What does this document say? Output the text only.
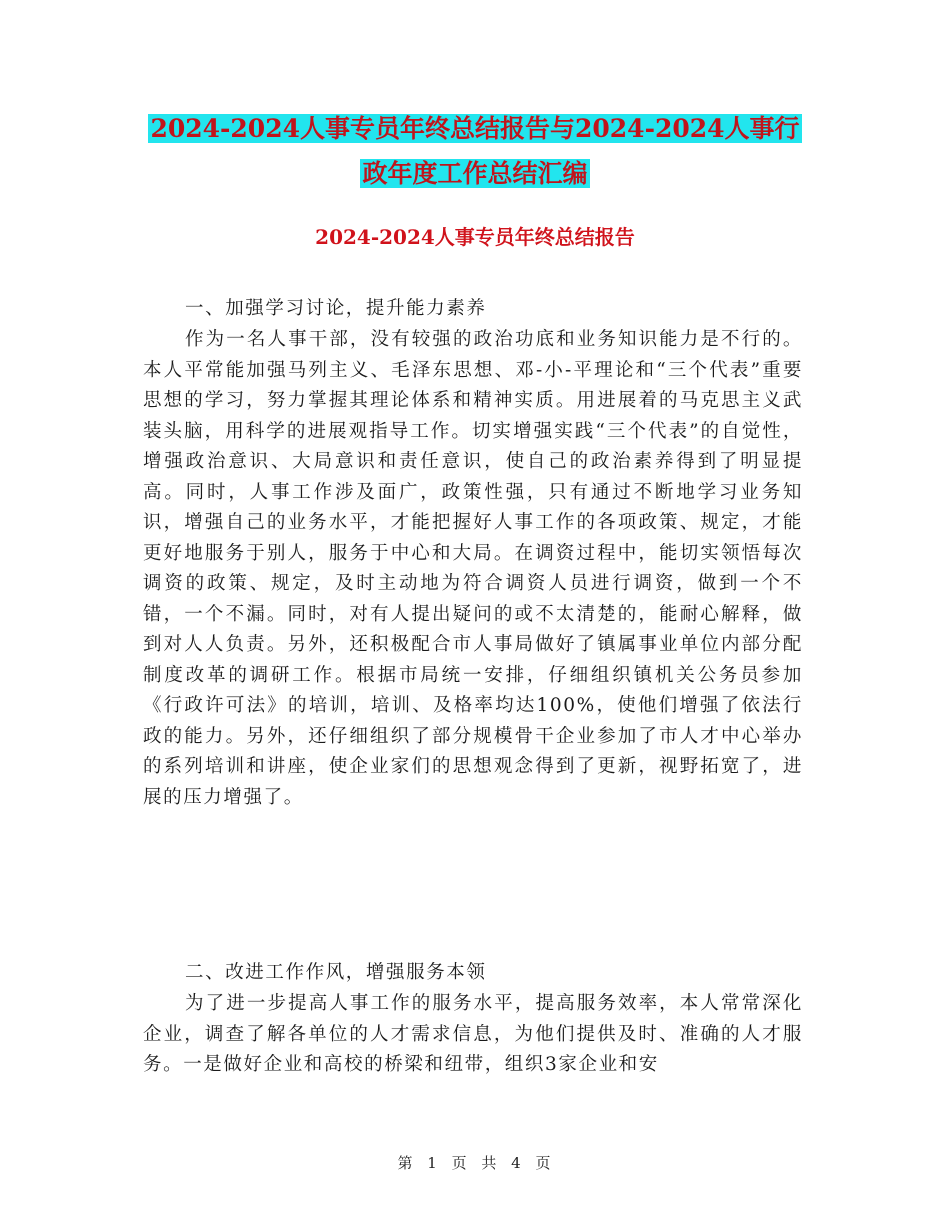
2024-2024人事专员年终总结报告与2024-2024人事行
政年度工作总结汇编
2024-2024人事专员年终总结报告
一、加强学习讨论，提升能力素养
作为一名人事干部，没有较强的政治功底和业务知识能力是不行的。本人平常能加强马列主义、毛泽东思想、邓-小-平理论和“三个代表”重要思想的学习，努力掌握其理论体系和精神实质。用进展着的马克思主义武装头脑，用科学的进展观指导工作。切实增强实践“三个代表”的自觉性，增强政治意识、大局意识和责任意识，使自己的政治素养得到了明显提高。同时，人事工作涉及面广，政策性强，只有通过不断地学习业务知识，增强自己的业务水平，才能把握好人事工作的各项政策、规定，才能更好地服务于别人，服务于中心和大局。在调资过程中，能切实领悟每次调资的政策、规定，及时主动地为符合调资人员进行调资，做到一个不错，一个不漏。同时，对有人提出疑问的或不太清楚的，能耐心解释，做到对人人负责。另外，还积极配合市人事局做好了镇属事业单位内部分配制度改革的调研工作。根据市局统一安排，仔细组织镇机关公务员参加《行政许可法》的培训，培训、及格率均达100%，使他们增强了依法行政的能力。另外，还仔细组织了部分规模骨干企业参加了市人才中心举办的系列培训和讲座，使企业家们的思想观念得到了更新，视野拓宽了，进展的压力增强了。
二、改进工作作风，增强服务本领
为了进一步提高人事工作的服务水平，提高服务效率，本人常常深化企业，调查了解各单位的人才需求信息，为他们提供及时、准确的人才服务。一是做好企业和高校的桥梁和纽带，组织3家企业和安
第 1 页 共 4 页
